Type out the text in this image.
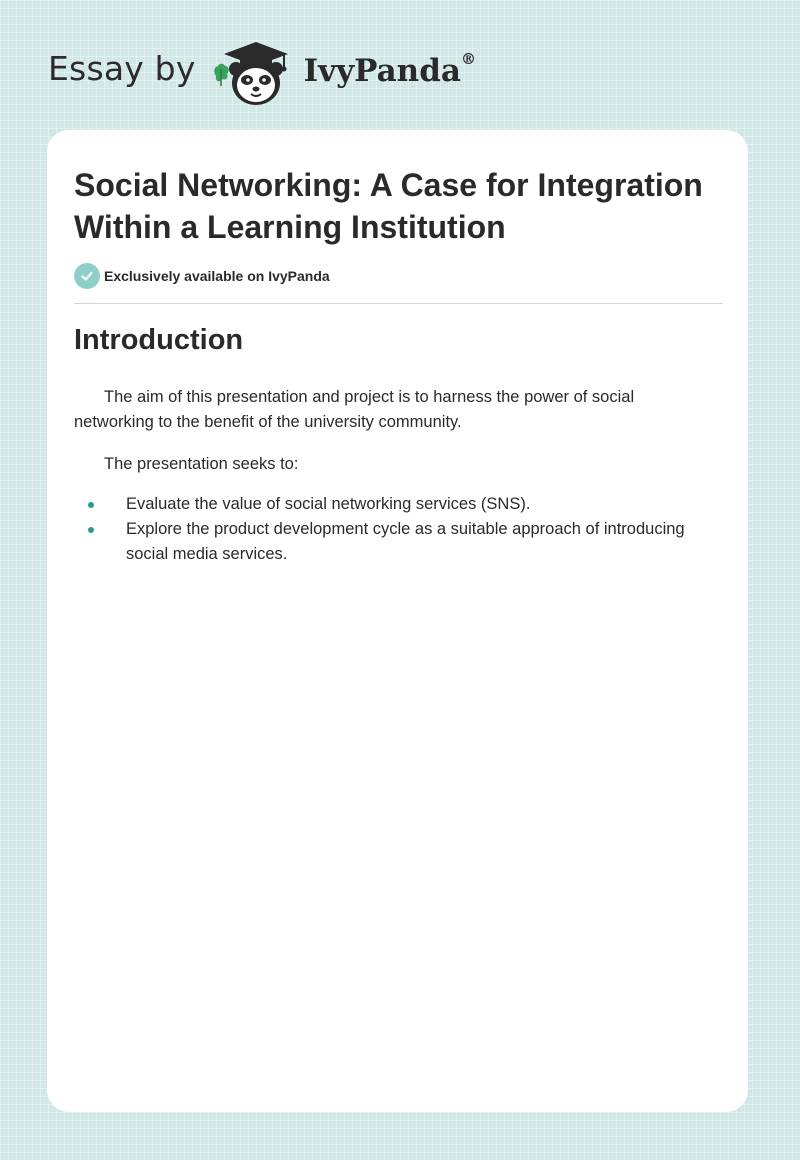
Essay by	IvyPanda®
Social Networking: A Case for Integration Within a Learning Institution
Exclusively available on IvyPanda
Introduction

The aim of this presentation and project is to harness the power of social networking to the benefit of the university community.

The presentation seeks to:

Evaluate the value of social networking services (SNS).
Explore the product development cycle as a suitable approach of introducing social media services.
